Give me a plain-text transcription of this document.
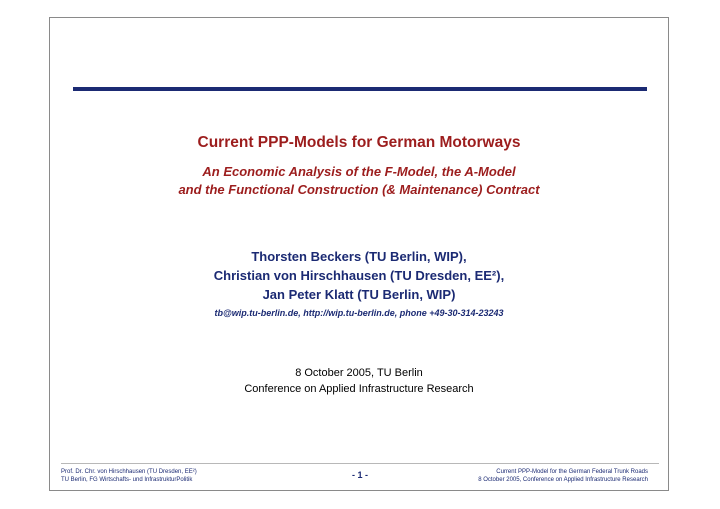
Current PPP-Models for German Motorways
An Economic Analysis of the F-Model, the A-Model
and the Functional Construction (& Maintenance) Contract
Thorsten Beckers (TU Berlin, WIP),
Christian von Hirschhausen (TU Dresden, EE²),
Jan Peter Klatt (TU Berlin, WIP)
tb@wip.tu-berlin.de, http://wip.tu-berlin.de, phone +49-30-314-23243
8 October 2005, TU Berlin
Conference on Applied Infrastructure Research
Prof. Dr. Chr. von Hirschhausen (TU Dresden, EE²)
TU Berlin, FG Wirtschafts- und InfrastrukturPolitik	- 1 -	Current PPP-Model for the German Federal Trunk Roads
8 October 2005, Conference on Applied Infrastructure Research
